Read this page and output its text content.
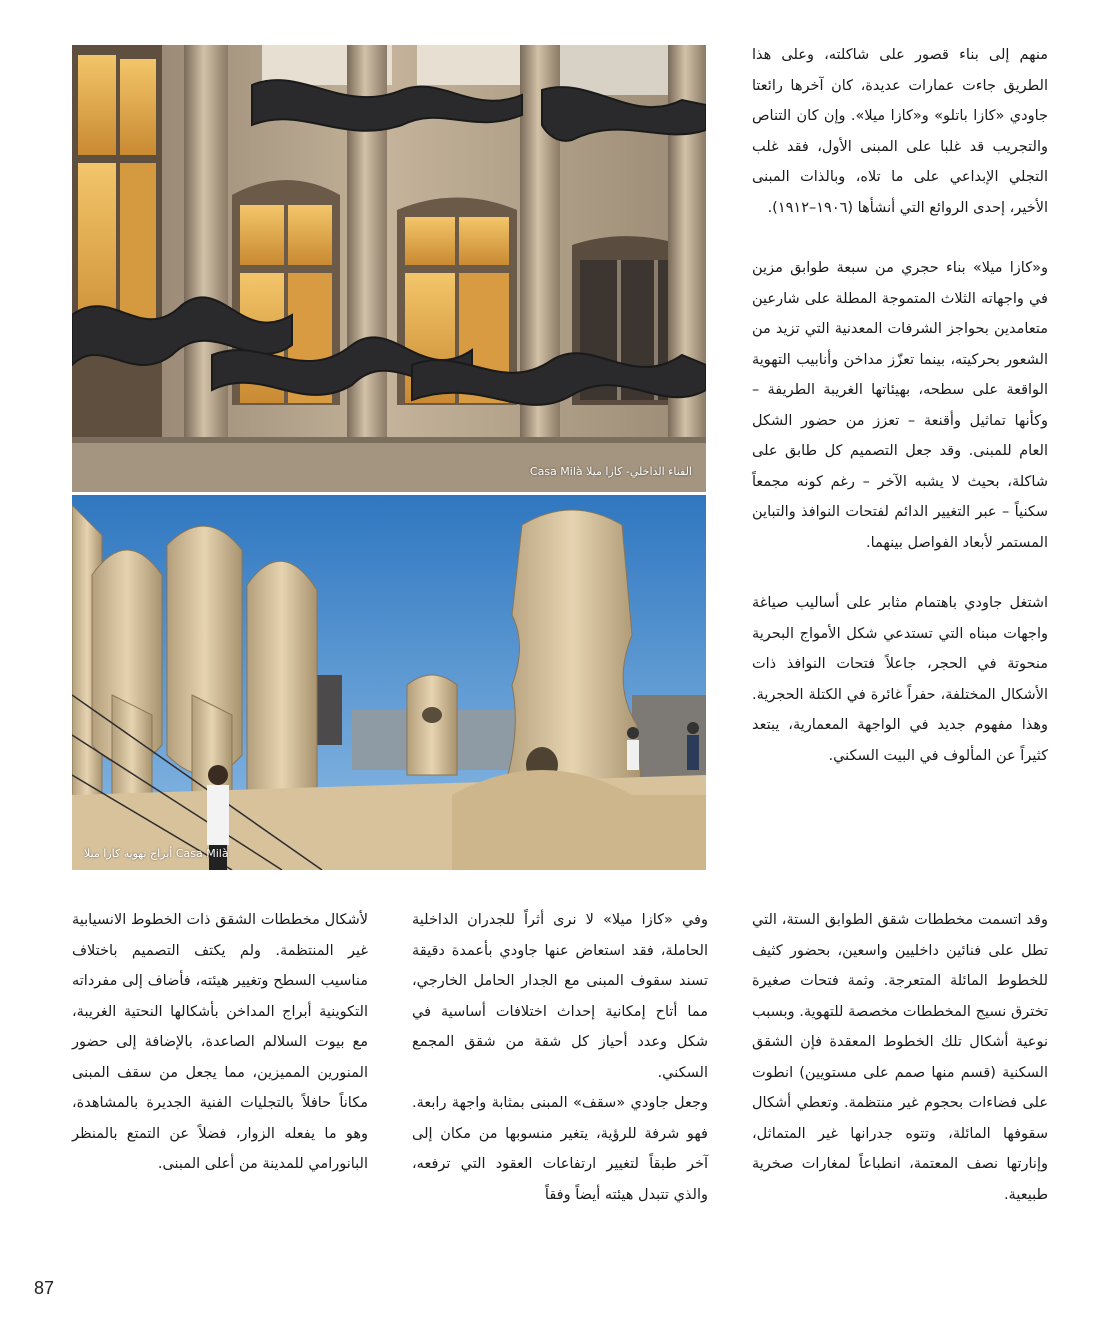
منهم إلى بناء قصور على شاكلته، وعلى هذا الطريق جاءت عمارات عديدة، كان آخرها رائعتا جاودي «كازا باتلو» و«كازا ميلا». وإن كان التناص والتجريب قد غلبا على المبنى الأول، فقد غلب التجلي الإبداعي على ما تلاه، وبالذات المبنى الأخير، إحدى الروائع التي أنشأها (١٩٠٦–١٩١٢).

و«كازا ميلا» بناء حجري من سبعة طوابق مزين في واجهاته الثلاث المتموجة المطلة على شارعين متعامدين بحواجز الشرفات المعدنية التي تزيد من الشعور بحركيته، بينما تعزّز مداخن وأنابيب التهوية الواقعة على سطحه، بهيئاتها الغريبة الطريفة – وكأنها تماثيل وأقنعة – تعزز من حضور الشكل العام للمبنى. وقد جعل التصميم كل طابق على شاكلة، بحيث لا يشبه الآخر – رغم كونه مجمعاً سكنياً – عبر التغيير الدائم لفتحات النوافذ والتباين المستمر لأبعاد الفواصل بينهما.

اشتغل جاودي باهتمام مثابر على أساليب صياغة واجهات مبناه التي تستدعي شكل الأمواج البحرية منحوتة في الحجر، جاعلاً فتحات النوافذ ذات الأشكال المختلفة، حفراً غائرة في الكتلة الحجرية. وهذا مفهوم جديد في الواجهة المعمارية، يبتعد كثيراً عن المألوف في البيت السكني.

الفناء الداخلي- كازا ميلا Casa Milà
أبراج تهوية كازا ميلا Casa Milà

وقد اتسمت مخططات شقق الطوابق الستة، التي تطل على فنائين داخليين واسعين، بحضور كثيف للخطوط المائلة المتعرجة. وثمة فتحات صغيرة تخترق نسيج المخططات مخصصة للتهوية. وبسبب نوعية أشكال تلك الخطوط المعقدة فإن الشقق السكنية (قسم منها صمم على مستويين) انطوت على فضاءات بحجوم غير منتظمة. وتعطي أشكال سقوفها المائلة، وتتوه جدرانها غير المتماثل، وإنارتها نصف المعتمة، انطباعاً لمغارات صخرية طبيعية.

وفي «كازا ميلا» لا نرى أثراً للجدران الداخلية الحاملة، فقد استعاض عنها جاودي بأعمدة دقيقة تسند سقوف المبنى مع الجدار الحامل الخارجي، مما أتاح إمكانية إحداث اختلافات أساسية في شكل وعدد أحياز كل شقة من شقق المجمع السكني.

وجعل جاودي «سقف» المبنى بمثابة واجهة رابعة. فهو شرفة للرؤية، يتغير منسوبها من مكان إلى آخر طبقاً لتغيير ارتفاعات العقود التي ترفعه، والذي تتبدل هيئته أيضاً وفقاً

لأشكال مخططات الشقق ذات الخطوط الانسيابية غير المنتظمة. ولم يكتف التصميم باختلاف مناسيب السطح وتغيير هيئته، فأضاف إلى مفرداته التكوينية أبراج المداخن بأشكالها النحتية الغريبة، مع بيوت السلالم الصاعدة، بالإضافة إلى حضور المنورين المميزين، مما يجعل من سقف المبنى مكاناً حافلاً بالتجليات الفنية الجديرة بالمشاهدة، وهو ما يفعله الزوار، فضلاً عن التمتع بالمنظر البانورامي للمدينة من أعلى المبنى.

87
